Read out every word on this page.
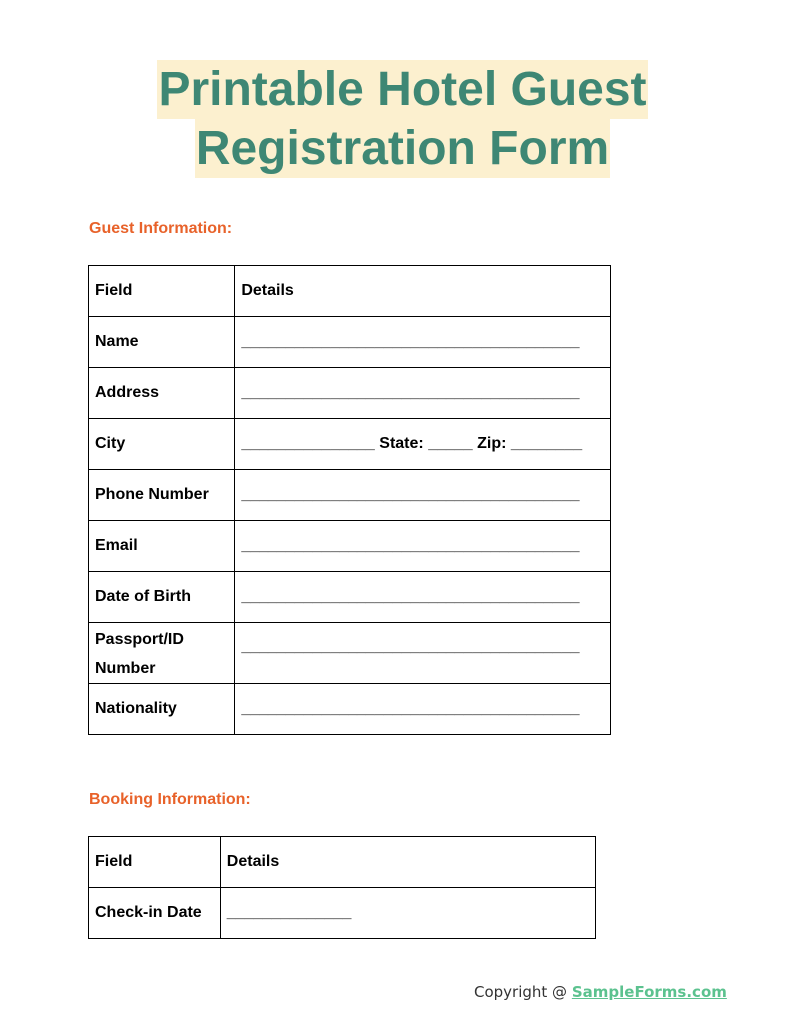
Printable Hotel Guest
Registration Form
Guest Information:
Field	Details
Name	______________________________________
Address	______________________________________
City	_______________ State: _____ Zip: ________
Phone Number	______________________________________
Email	______________________________________
Date of Birth	______________________________________
Passport/ID
Number	______________________________________
Nationality	______________________________________
Booking Information:
Field	Details
Check-in Date	______________
Copyright @ SampleForms.com
